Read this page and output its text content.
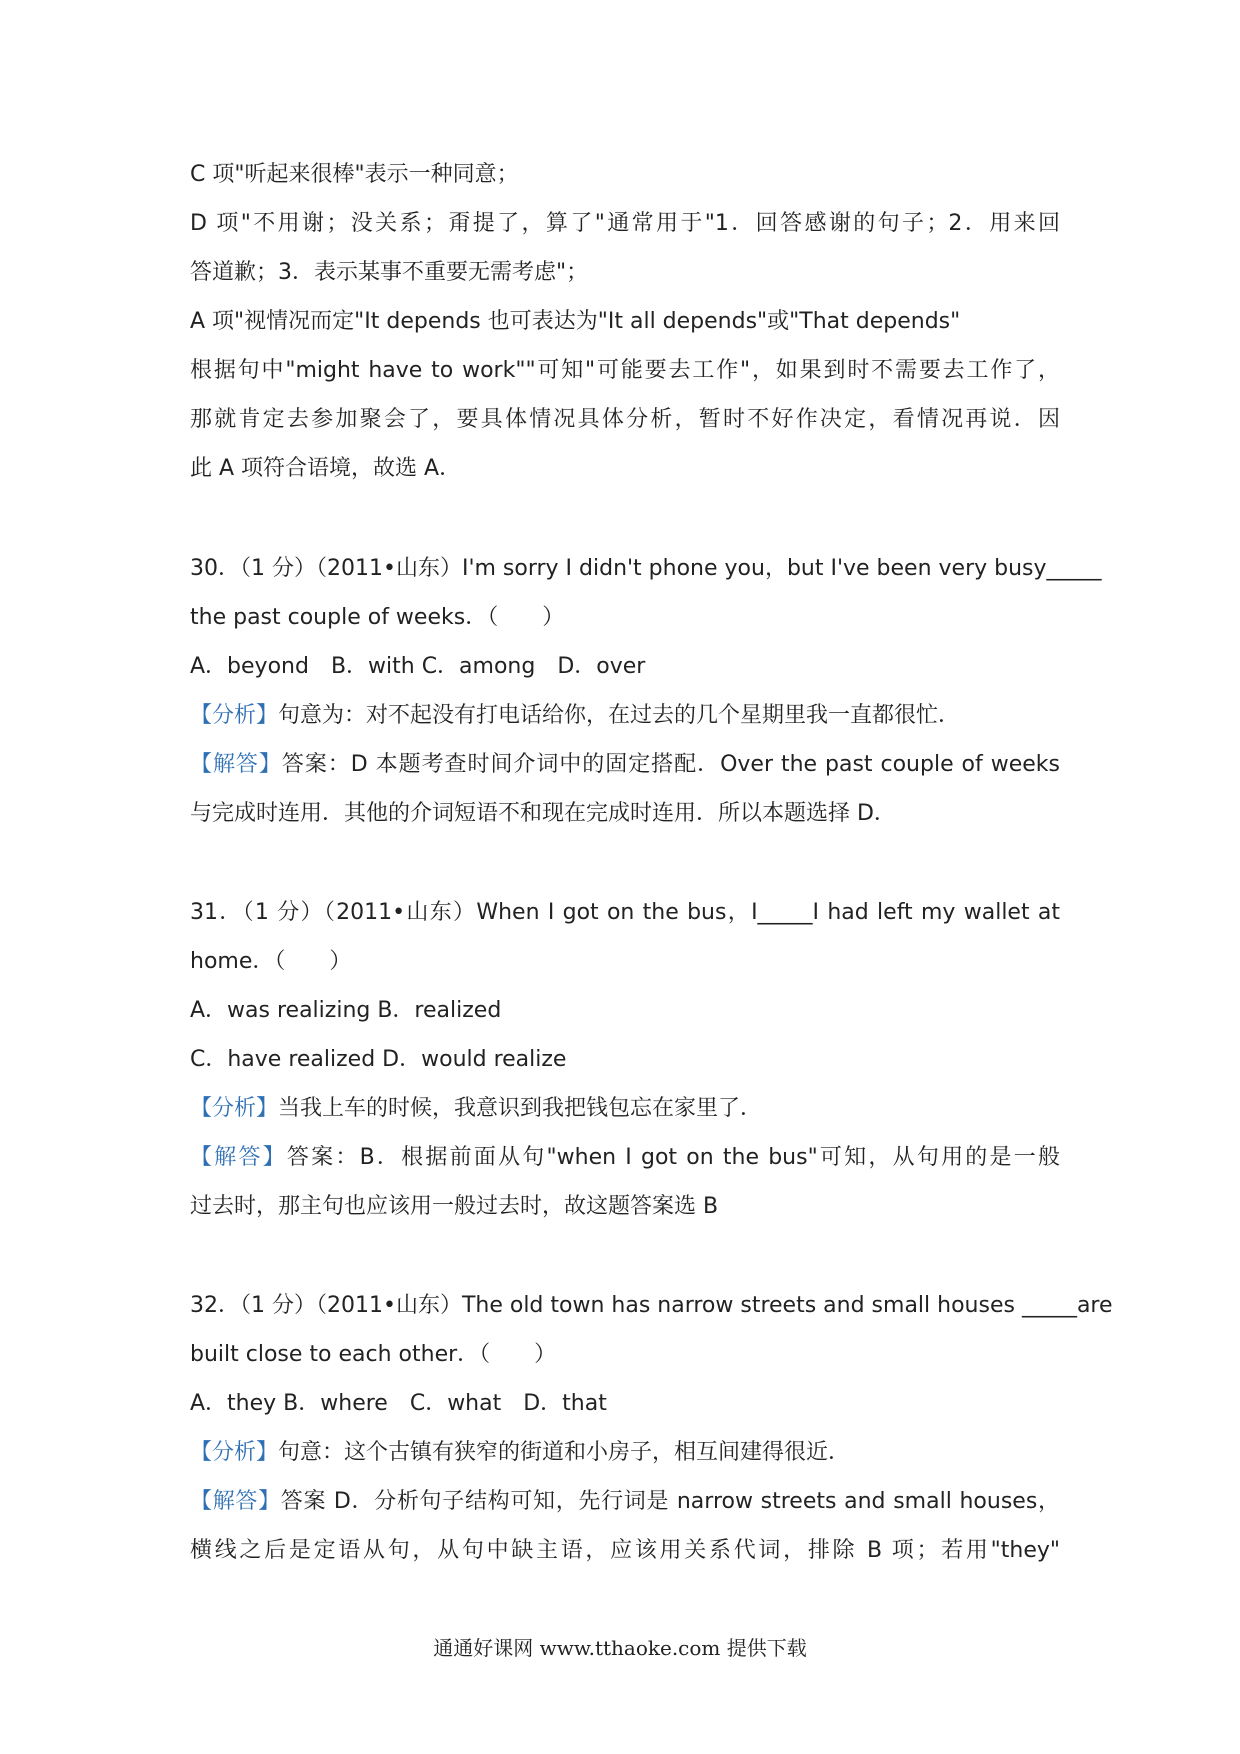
C 项"听起来很棒"表示一种同意；
D 项"不用谢；没关系；甭提了，算了"通常用于"1．回答感谢的句子；2．用来回
答道歉；3．表示某事不重要无需考虑"；
A 项"视情况而定"It depends 也可表达为"It all depends"或"That depends"
根据句中"might have to work""可知"可能要去工作"，如果到时不需要去工作了，
那就肯定去参加聚会了，要具体情况具体分析，暂时不好作决定，看情况再说．因
此 A 项符合语境，故选 A．
30．（1 分）（2011•山东）I'm sorry I didn't phone you，but I've been very busy_____
the past couple of weeks．（　　）
A．beyond　B．with C．among　D．over
【分析】句意为：对不起没有打电话给你，在过去的几个星期里我一直都很忙．
【解答】答案：D 本题考查时间介词中的固定搭配．Over the past couple of weeks
与完成时连用．其他的介词短语不和现在完成时连用．所以本题选择 D．
31．（1 分）（2011•山东）When I got on the bus，I_____I had left my wallet at
home．（　　）
A．was realizing B．realized
C．have realized D．would realize
【分析】当我上车的时候，我意识到我把钱包忘在家里了．
【解答】答案：B．根据前面从句"when I got on the bus"可知，从句用的是一般
过去时，那主句也应该用一般过去时，故这题答案选 B
32．（1 分）（2011•山东）The old town has narrow streets and small houses _____are
built close to each other．（　　）
A．they B．where　C．what　D．that
【分析】句意：这个古镇有狭窄的街道和小房子，相互间建得很近．
【解答】答案 D．分析句子结构可知，先行词是 narrow streets and small houses，
横线之后是定语从句，从句中缺主语，应该用关系代词，排除 B 项；若用"they"
通通好课网 www.tthaoke.com 提供下载
